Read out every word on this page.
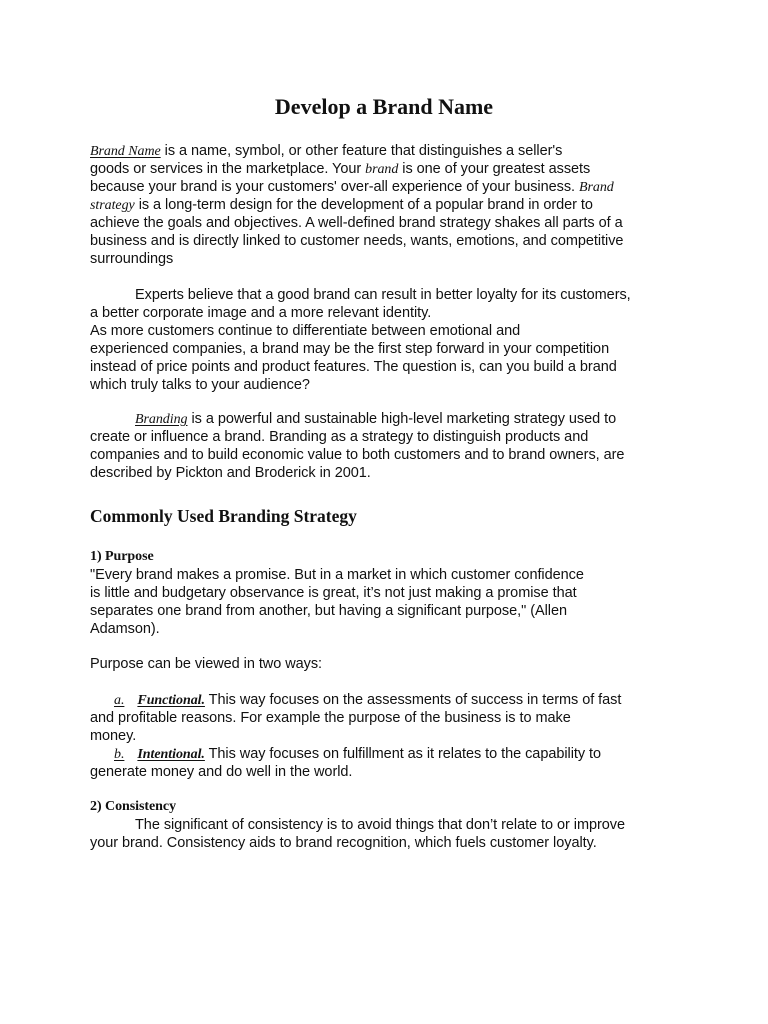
Develop a Brand Name
Brand Name is a name, symbol, or other feature that distinguishes a seller's
goods or services in the marketplace. Your brand is one of your greatest assets
because your brand is your customers' over-all experience of your business. Brand
strategy is a long-term design for the development of a popular brand in order to
achieve the goals and objectives. A well-defined brand strategy shakes all parts of a
business and is directly linked to customer needs, wants, emotions, and competitive
surroundings
Experts believe that a good brand can result in better loyalty for its customers,
a better corporate image and a more relevant identity.
As more customers continue to differentiate between emotional and
experienced companies, a brand may be the first step forward in your competition
instead of price points and product features. The question is, can you build a brand
which truly talks to your audience?
Branding is a powerful and sustainable high-level marketing strategy used to
create or influence a brand. Branding as a strategy to distinguish products and
companies and to build economic value to both customers and to brand owners, are
described by Pickton and Broderick in 2001.
Commonly Used Branding Strategy
1) Purpose
"Every brand makes a promise. But in a market in which customer confidence
is little and budgetary observance is great, it’s not just making a promise that
separates one brand from another, but having a significant purpose," (Allen
Adamson).
Purpose can be viewed in two ways:
a. Functional. This way focuses on the assessments of success in terms of fast
and profitable reasons. For example the purpose of the business is to make
money.
b. Intentional. This way focuses on fulfillment as it relates to the capability to
generate money and do well in the world.
2) Consistency
The significant of consistency is to avoid things that don’t relate to or improve
your brand. Consistency aids to brand recognition, which fuels customer loyalty.
